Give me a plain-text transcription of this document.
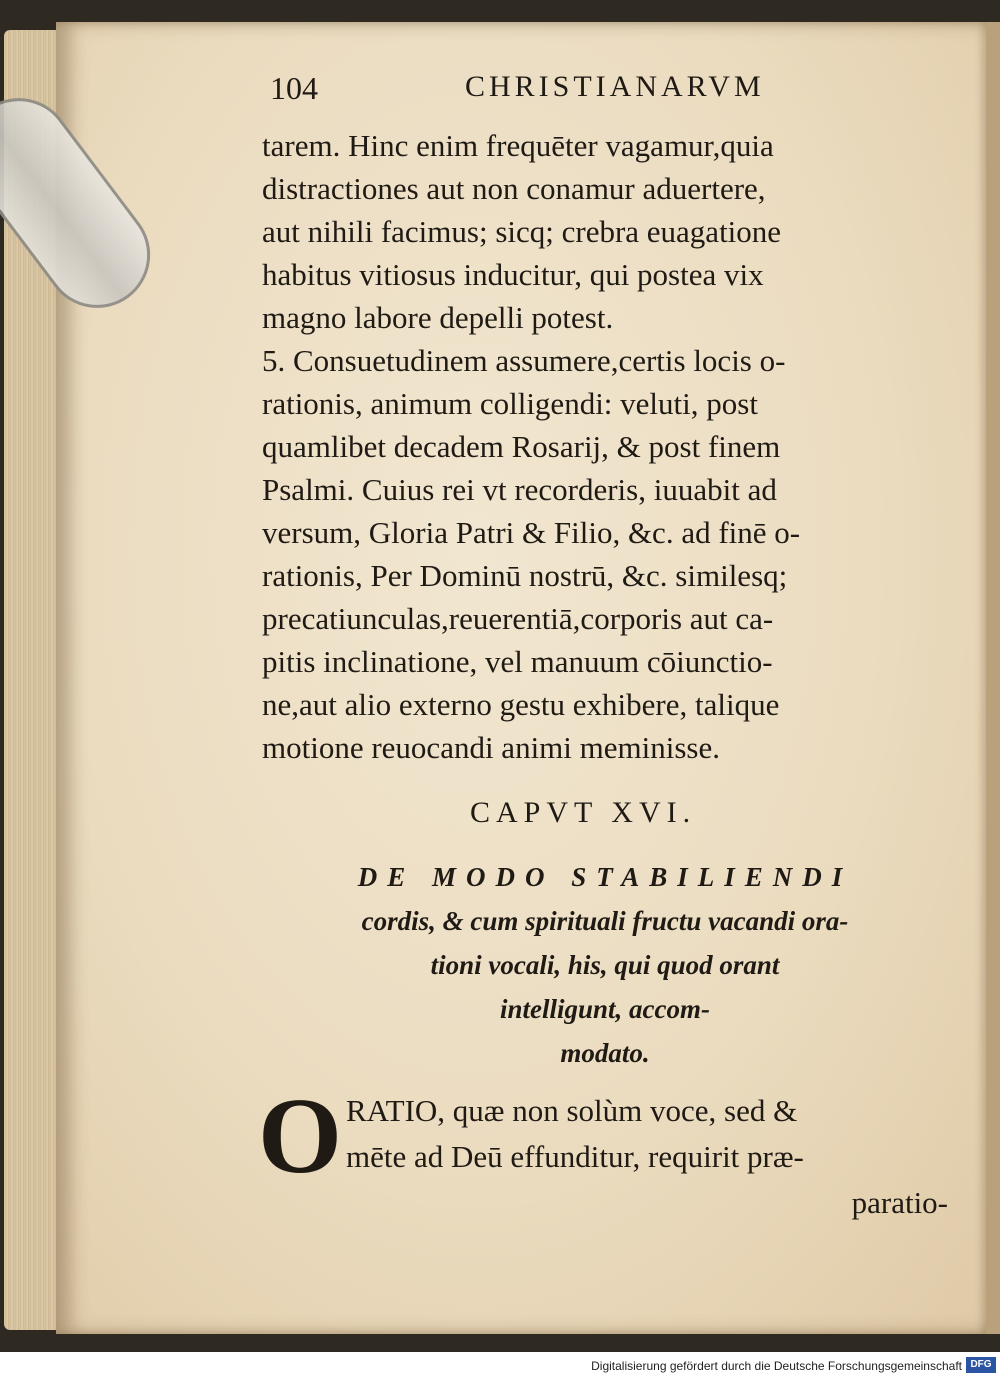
104	CHRISTIANARVM
tarem. Hinc enim frequēter vagamur,quia
distractiones aut non conamur aduertere,
aut nihili facimus; sicq; crebra euagatione
habitus vitiosus inducitur, qui postea vix
magno labore depelli potest.
5. Consuetudinem assumere,certis locis o-
rationis, animum colligendi: veluti, post
quamlibet decadem Rosarij, & post finem
Psalmi. Cuius rei vt recorderis, iuuabit ad
versum, Gloria Patri & Filio, &c. ad finē o-
rationis, Per Dominū nostrū, &c. similesq;
precatiunculas,reuerentiā,corporis aut ca-
pitis inclinatione, vel manuum cōiunctio-
ne,aut alio externo gestu exhibere, talique
motione reuocandi animi meminisse.
CAPVT XVI.
DE MODO STABILIENDI
cordis, & cum spirituali fructu vacandi ora-
tioni vocali, his, qui quod orant
intelligunt, accom-
modato.
O RATIO, quæ non solùm voce, sed &
mēte ad Deū effunditur, requirit præ-
paratio-
Digitalisierung gefördert durch die Deutsche Forschungsgemeinschaft DFG
